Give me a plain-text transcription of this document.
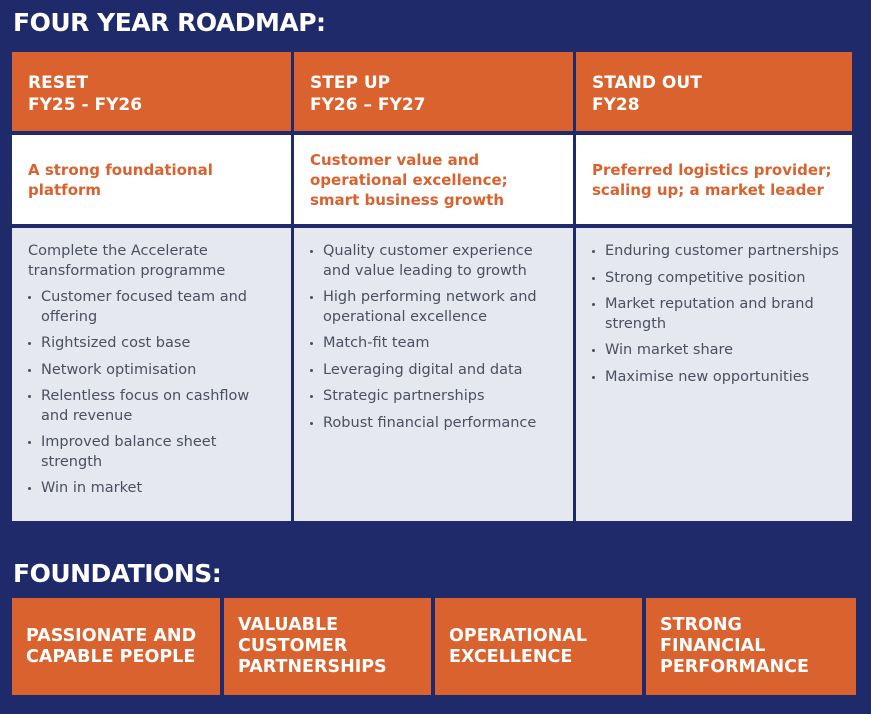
FOUR YEAR ROADMAP:
RESET
FY25 - FY26
A strong foundational platform

Complete the Accelerate transformation programme

Customer focused team and offering
Rightsized cost base
Network optimisation
Relentless focus on cashflow and revenue
Improved balance sheet strength
Win in market
STEP UP
FY26 – FY27
Customer value and operational excellence; smart business growth
Quality customer experience and value leading to growth
High performing network and operational excellence
Match-fit team
Leveraging digital and data
Strategic partnerships
Robust financial performance
STAND OUT
FY28
Preferred logistics provider; scaling up; a market leader
Enduring customer partnerships
Strong competitive position
Market reputation and brand strength
Win market share
Maximise new opportunities
FOUNDATIONS:
PASSIONATE AND CAPABLE PEOPLE
VALUABLE CUSTOMER PARTNERSHIPS
OPERATIONAL EXCELLENCE
STRONG FINANCIAL PERFORMANCE
